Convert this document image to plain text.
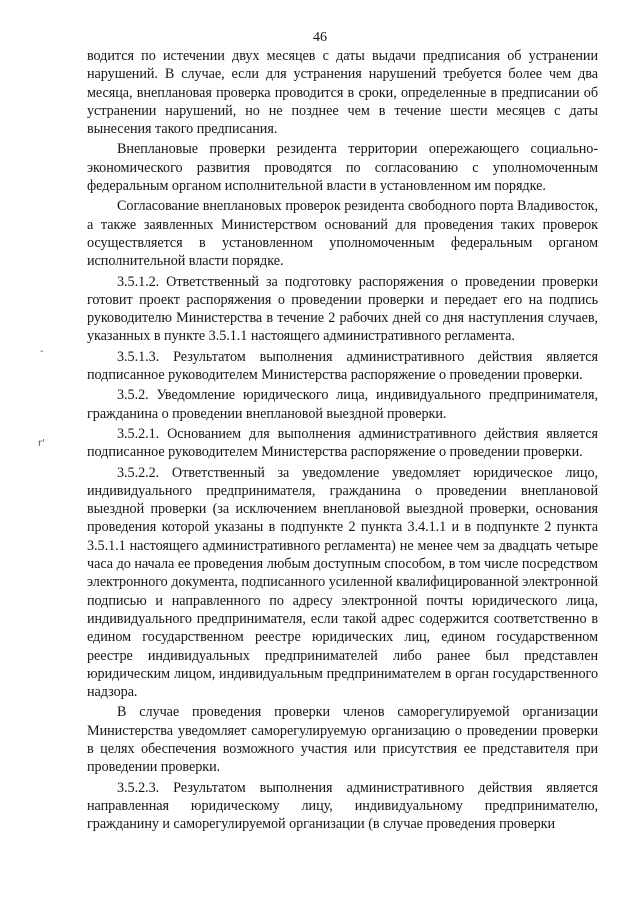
46
-
r'

водится по истечении двух месяцев с даты выдачи предписания об устранении нарушений. В случае, если для устранения нарушений требуется более чем два месяца, внеплановая проверка проводится в сроки, определенные в предписании об устранении нарушений, но не позднее чем в течение шести месяцев с даты вынесения такого предписания.

Внеплановые проверки резидента территории опережающего социально-экономического развития проводятся по согласованию с уполномоченным федеральным органом исполнительной власти в установленном им порядке.

Согласование внеплановых проверок резидента свободного порта Владивосток, а также заявленных Министерством оснований для проведения таких проверок осуществляется в установленном уполномоченным федеральным органом исполнительной власти порядке.

3.5.1.2. Ответственный за подготовку распоряжения о проведении проверки готовит проект распоряжения о проведении проверки и передает его на подпись руководителю Министерства в течение 2 рабочих дней со дня наступления случаев, указанных в пункте 3.5.1.1 настоящего административного регламента.

3.5.1.3. Результатом выполнения административного действия является подписанное руководителем Министерства распоряжение о проведении проверки.

3.5.2. Уведомление юридического лица, индивидуального предпринимателя, гражданина о проведении внеплановой выездной проверки.

3.5.2.1. Основанием для выполнения административного действия является подписанное руководителем Министерства распоряжение о проведении проверки.

3.5.2.2. Ответственный за уведомление уведомляет юридическое лицо, индивидуального предпринимателя, гражданина о проведении внеплановой выездной проверки (за исключением внеплановой выездной проверки, основания проведения которой указаны в подпункте 2 пункта 3.4.1.1 и в подпункте 2 пункта 3.5.1.1 настоящего административного регламента) не менее чем за двадцать четыре часа до начала ее проведения любым доступным способом, в том числе посредством электронного документа, подписанного усиленной квалифицированной электронной подписью и направленного по адресу электронной почты юридического лица, индивидуального предпринимателя, если такой адрес содержится соответственно в едином государственном реестре юридических лиц, едином государственном реестре индивидуальных предпринимателей либо ранее был представлен юридическим лицом, индивидуальным предпринимателем в орган государственного надзора.

В случае проведения проверки членов саморегулируемой организации Министерства уведомляет саморегулируемую организацию о проведении проверки в целях обеспечения возможного участия или присутствия ее представителя при проведении проверки.

3.5.2.3. Результатом выполнения административного действия является направленная юридическому лицу, индивидуальному предпринимателю, гражданину и саморегулируемой организации (в случае проведения проверки
